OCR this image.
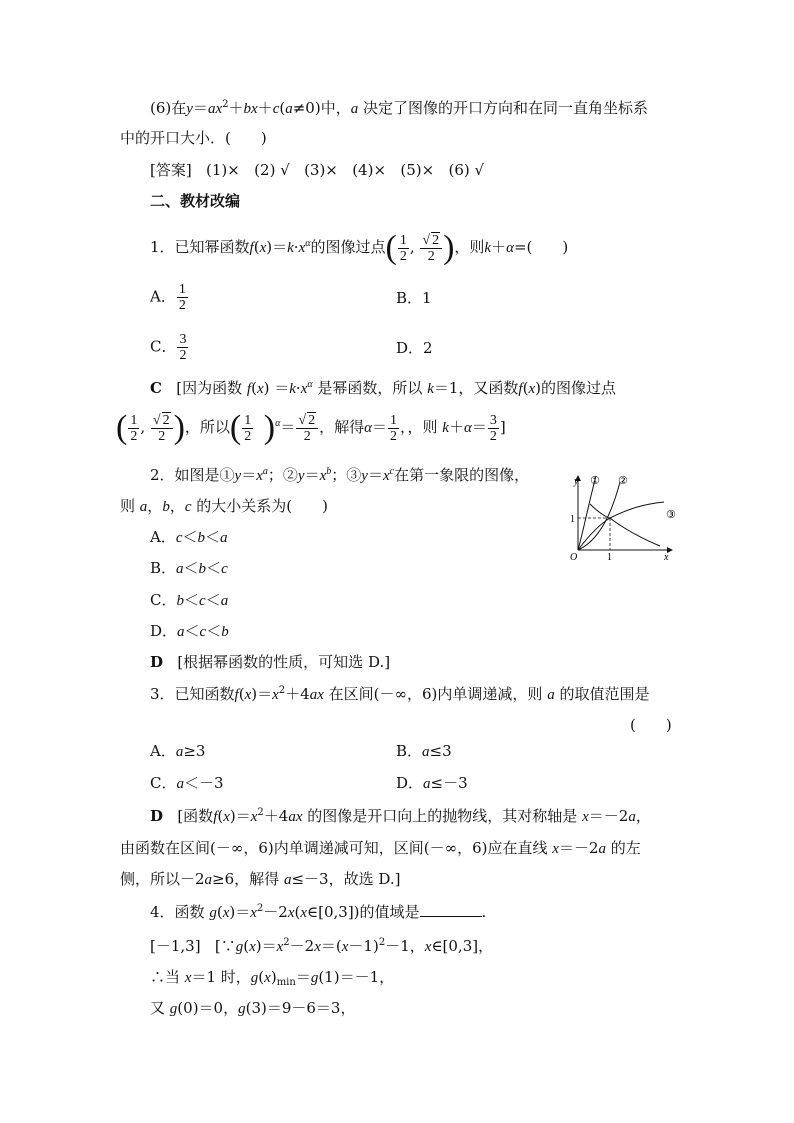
(6)在$y=ax^2+bx+c(a\ne 0)$中，a 决定了图像的开口方向和在同一直角坐标系
中的开口大小．(　　)
[答案] (1)× (2) √ (3)× (4)× (5)× (6) √
二、教材改编
1．已知幂函数$f(x)=k\cdot x^\alpha$的图像过点( $\frac{1}{2}$ , $\frac{√ 2}{2}$ )，则k＋α=(　　)
A． $\frac{1}{2}$	B．1
C． $\frac{3}{2}$	D．2
C [因为函数 $f(x) =k\cdot x^\alpha$ 是幂函数，所以 k＝1，又函数f(x)的图像过点
( $\frac{1}{2}$ , $\frac{√ 2}{2}$ )，所以( $\frac{1}{2} )^\alpha= \frac{√ 2}{2}$ ，解得$\alpha= \frac{1}{2}$ ，，则 $k+\alpha= \frac{3}{2}$ ]
2．如图是$①y=x^a$；$②y=x^b$；$③y=x^c$在第一象限的图像，
则 a，b，c 的大小关系为(　　)
A．c＜b＜a
B．a＜b＜c
C．b＜c＜a
D．a＜c＜b
y
x
O	1
1
① ②
③
D [根据幂函数的性质，可知选 D.]
3．已知函数$f(x)=x^2+4ax$ 在区间(－∞，6)内单调递减，则 a 的取值范围是
(　　)
A．a≥3	B．a≤3
C．a＜－3	D．a≤－3
D [函数$f(x)=x^2+4ax$ 的图像是开口向上的抛物线，其对称轴是 x＝－2a，
由函数在区间(－∞，6)内单调递减可知，区间(－∞，6)应在直线 x＝－2a 的左
侧，所以－2a≥6，解得 a≤－3，故选 D.]
4．函数 $g(x)=x^2-2x(x\in[0,3])$的值域是	.
[－1,3] [$\because g(x)=x^2-2x=(x-1)^2-1$，x∈[0,3]，
∴当 x＝1 时，$g(x)_{min}=g(1)=-1$，
又 g(0)＝0，g(3)＝9－6＝3，
